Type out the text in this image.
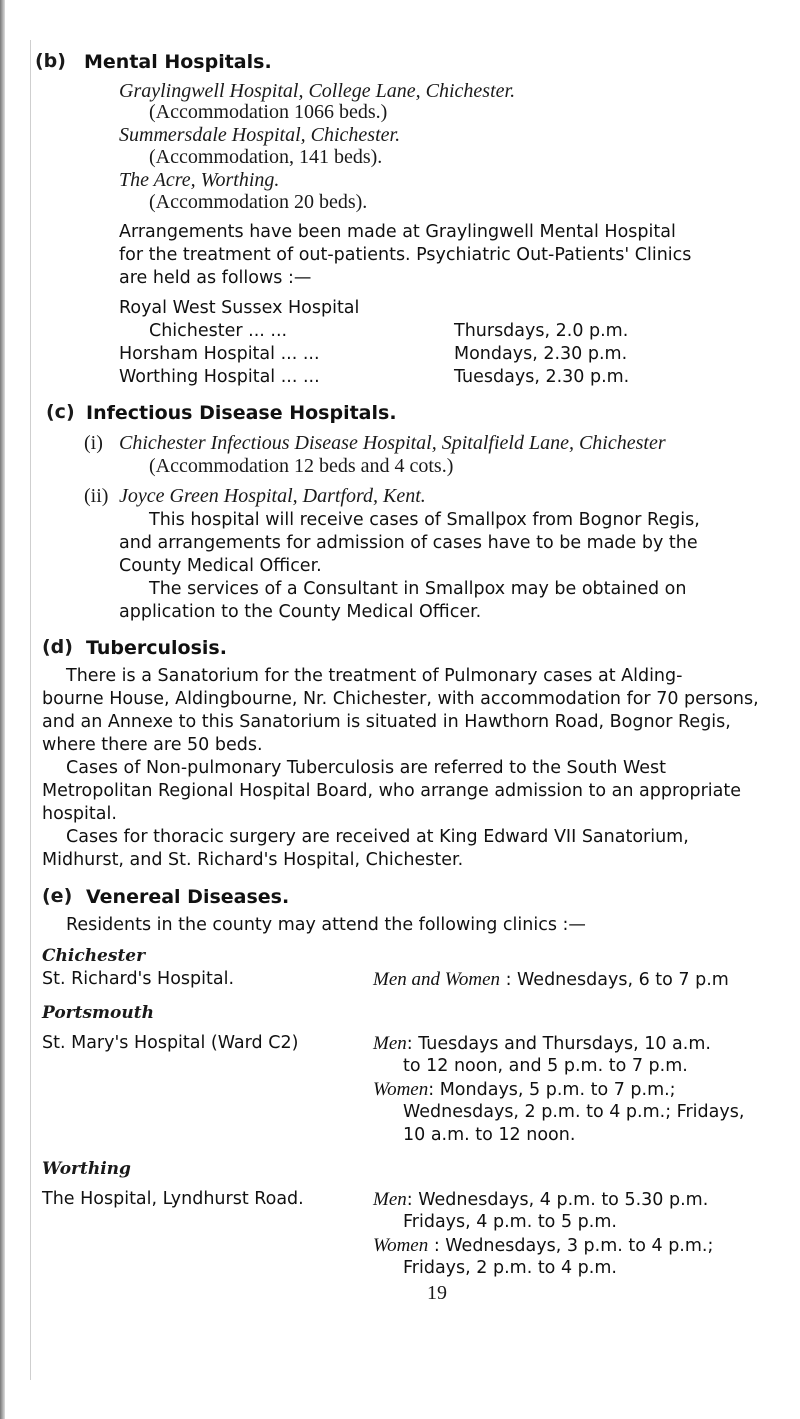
(b) Mental Hospitals.
Graylingwell Hospital, College Lane, Chichester.
(Accommodation 1066 beds.)
Summersdale Hospital, Chichester.
(Accommodation, 141 beds).
The Acre, Worthing.
(Accommodation 20 beds).
Arrangements have been made at Graylingwell Mental Hospital
for the treatment of out-patients. Psychiatric Out-Patients' Clinics
are held as follows :—
Royal West Sussex Hospital
Chichester ... ...	Thursdays, 2.0 p.m.
Horsham Hospital ... ...	Mondays, 2.30 p.m.
Worthing Hospital ... ...	Tuesdays, 2.30 p.m.
(c) Infectious Disease Hospitals.
(i) Chichester Infectious Disease Hospital, Spitalfield Lane, Chichester
(Accommodation 12 beds and 4 cots.)
(ii) Joyce Green Hospital, Dartford, Kent.
This hospital will receive cases of Smallpox from Bognor Regis,
and arrangements for admission of cases have to be made by the
County Medical Officer.
The services of a Consultant in Smallpox may be obtained on
application to the County Medical Officer.
(d) Tuberculosis.
There is a Sanatorium for the treatment of Pulmonary cases at Alding-
bourne House, Aldingbourne, Nr. Chichester, with accommodation for 70 persons,
and an Annexe to this Sanatorium is situated in Hawthorn Road, Bognor Regis,
where there are 50 beds.
Cases of Non-pulmonary Tuberculosis are referred to the South West
Metropolitan Regional Hospital Board, who arrange admission to an appropriate
hospital.
Cases for thoracic surgery are received at King Edward VII Sanatorium,
Midhurst, and St. Richard's Hospital, Chichester.
(e) Venereal Diseases.
Residents in the county may attend the following clinics :—
Chichester
St. Richard's Hospital.	Men and Women : Wednesdays, 6 to 7 p.m
Portsmouth
St. Mary's Hospital (Ward C2)	Men: Tuesdays and Thursdays, 10 a.m.
to 12 noon, and 5 p.m. to 7 p.m.
Women: Mondays, 5 p.m. to 7 p.m.;
Wednesdays, 2 p.m. to 4 p.m.; Fridays,
10 a.m. to 12 noon.
Worthing
The Hospital, Lyndhurst Road.	Men: Wednesdays, 4 p.m. to 5.30 p.m.
Fridays, 4 p.m. to 5 p.m.
Women : Wednesdays, 3 p.m. to 4 p.m.;
Fridays, 2 p.m. to 4 p.m.
19
